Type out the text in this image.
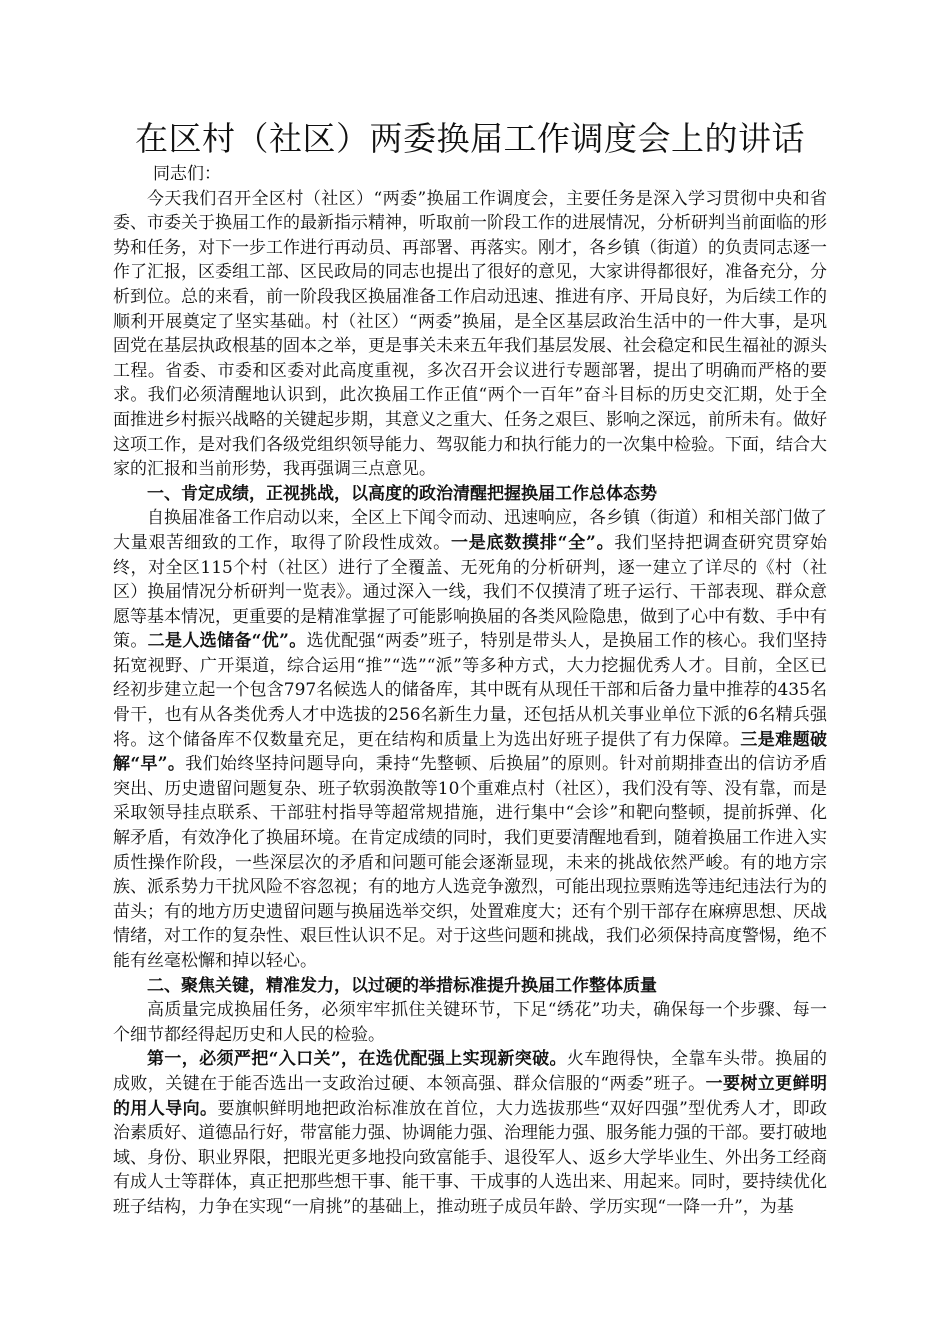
在区村（社区）两委换届工作调度会上的讲话

同志们：

今天我们召开全区村（社区）“两委”换届工作调度会，主要任务是深入学习贯彻中央和省委、市委关于换届工作的最新指示精神，听取前一阶段工作的进展情况，分析研判当前面临的形势和任务，对下一步工作进行再动员、再部署、再落实。刚才，各乡镇（街道）的负责同志逐一作了汇报，区委组工部、区民政局的同志也提出了很好的意见，大家讲得都很好，准备充分，分析到位。总的来看，前一阶段我区换届准备工作启动迅速、推进有序、开局良好，为后续工作的顺利开展奠定了坚实基础。村（社区）“两委”换届，是全区基层政治生活中的一件大事，是巩固党在基层执政根基的固本之举，更是事关未来五年我们基层发展、社会稳定和民生福祉的源头工程。省委、市委和区委对此高度重视，多次召开会议进行专题部署，提出了明确而严格的要求。我们必须清醒地认识到，此次换届工作正值“两个一百年”奋斗目标的历史交汇期，处于全面推进乡村振兴战略的关键起步期，其意义之重大、任务之艰巨、影响之深远，前所未有。做好这项工作，是对我们各级党组织领导能力、驾驭能力和执行能力的一次集中检验。下面，结合大家的汇报和当前形势，我再强调三点意见。

一、肯定成绩，正视挑战，以高度的政治清醒把握换届工作总体态势

自换届准备工作启动以来，全区上下闻令而动、迅速响应，各乡镇（街道）和相关部门做了大量艰苦细致的工作，取得了阶段性成效。一是底数摸排“全”。我们坚持把调查研究贯穿始终，对全区115个村（社区）进行了全覆盖、无死角的分析研判，逐一建立了详尽的《村（社区）换届情况分析研判一览表》。通过深入一线，我们不仅摸清了班子运行、干部表现、群众意愿等基本情况，更重要的是精准掌握了可能影响换届的各类风险隐患，做到了心中有数、手中有策。二是人选储备“优”。选优配强“两委”班子，特别是带头人，是换届工作的核心。我们坚持拓宽视野、广开渠道，综合运用“推”“选”“派”等多种方式，大力挖掘优秀人才。目前，全区已经初步建立起一个包含797名候选人的储备库，其中既有从现任干部和后备力量中推荐的435名骨干，也有从各类优秀人才中选拔的256名新生力量，还包括从机关事业单位下派的6名精兵强将。这个储备库不仅数量充足，更在结构和质量上为选出好班子提供了有力保障。三是难题破解“早”。我们始终坚持问题导向，秉持“先整顿、后换届”的原则。针对前期排查出的信访矛盾突出、历史遗留问题复杂、班子软弱涣散等10个重难点村（社区），我们没有等、没有靠，而是采取领导挂点联系、干部驻村指导等超常规措施，进行集中“会诊”和靶向整顿，提前拆弹、化解矛盾，有效净化了换届环境。在肯定成绩的同时，我们更要清醒地看到，随着换届工作进入实质性操作阶段，一些深层次的矛盾和问题可能会逐渐显现，未来的挑战依然严峻。有的地方宗族、派系势力干扰风险不容忽视；有的地方人选竞争激烈，可能出现拉票贿选等违纪违法行为的苗头；有的地方历史遗留问题与换届选举交织，处置难度大；还有个别干部存在麻痹思想、厌战情绪，对工作的复杂性、艰巨性认识不足。对于这些问题和挑战，我们必须保持高度警惕，绝不能有丝毫松懈和掉以轻心。

二、聚焦关键，精准发力，以过硬的举措标准提升换届工作整体质量

高质量完成换届任务，必须牢牢抓住关键环节，下足“绣花”功夫，确保每一个步骤、每一个细节都经得起历史和人民的检验。

第一，必须严把“入口关”，在选优配强上实现新突破。火车跑得快，全靠车头带。换届的成败，关键在于能否选出一支政治过硬、本领高强、群众信服的“两委”班子。一要树立更鲜明的用人导向。要旗帜鲜明地把政治标准放在首位，大力选拔那些“双好四强”型优秀人才，即政治素质好、道德品行好，带富能力强、协调能力强、治理能力强、服务能力强的干部。要打破地域、身份、职业界限，把眼光更多地投向致富能手、退役军人、返乡大学毕业生、外出务工经商有成人士等群体，真正把那些想干事、能干事、干成事的人选出来、用起来。同时，要持续优化班子结构，力争在实现“一肩挑”的基础上，推动班子成员年龄、学历实现“一降一升”，为基
